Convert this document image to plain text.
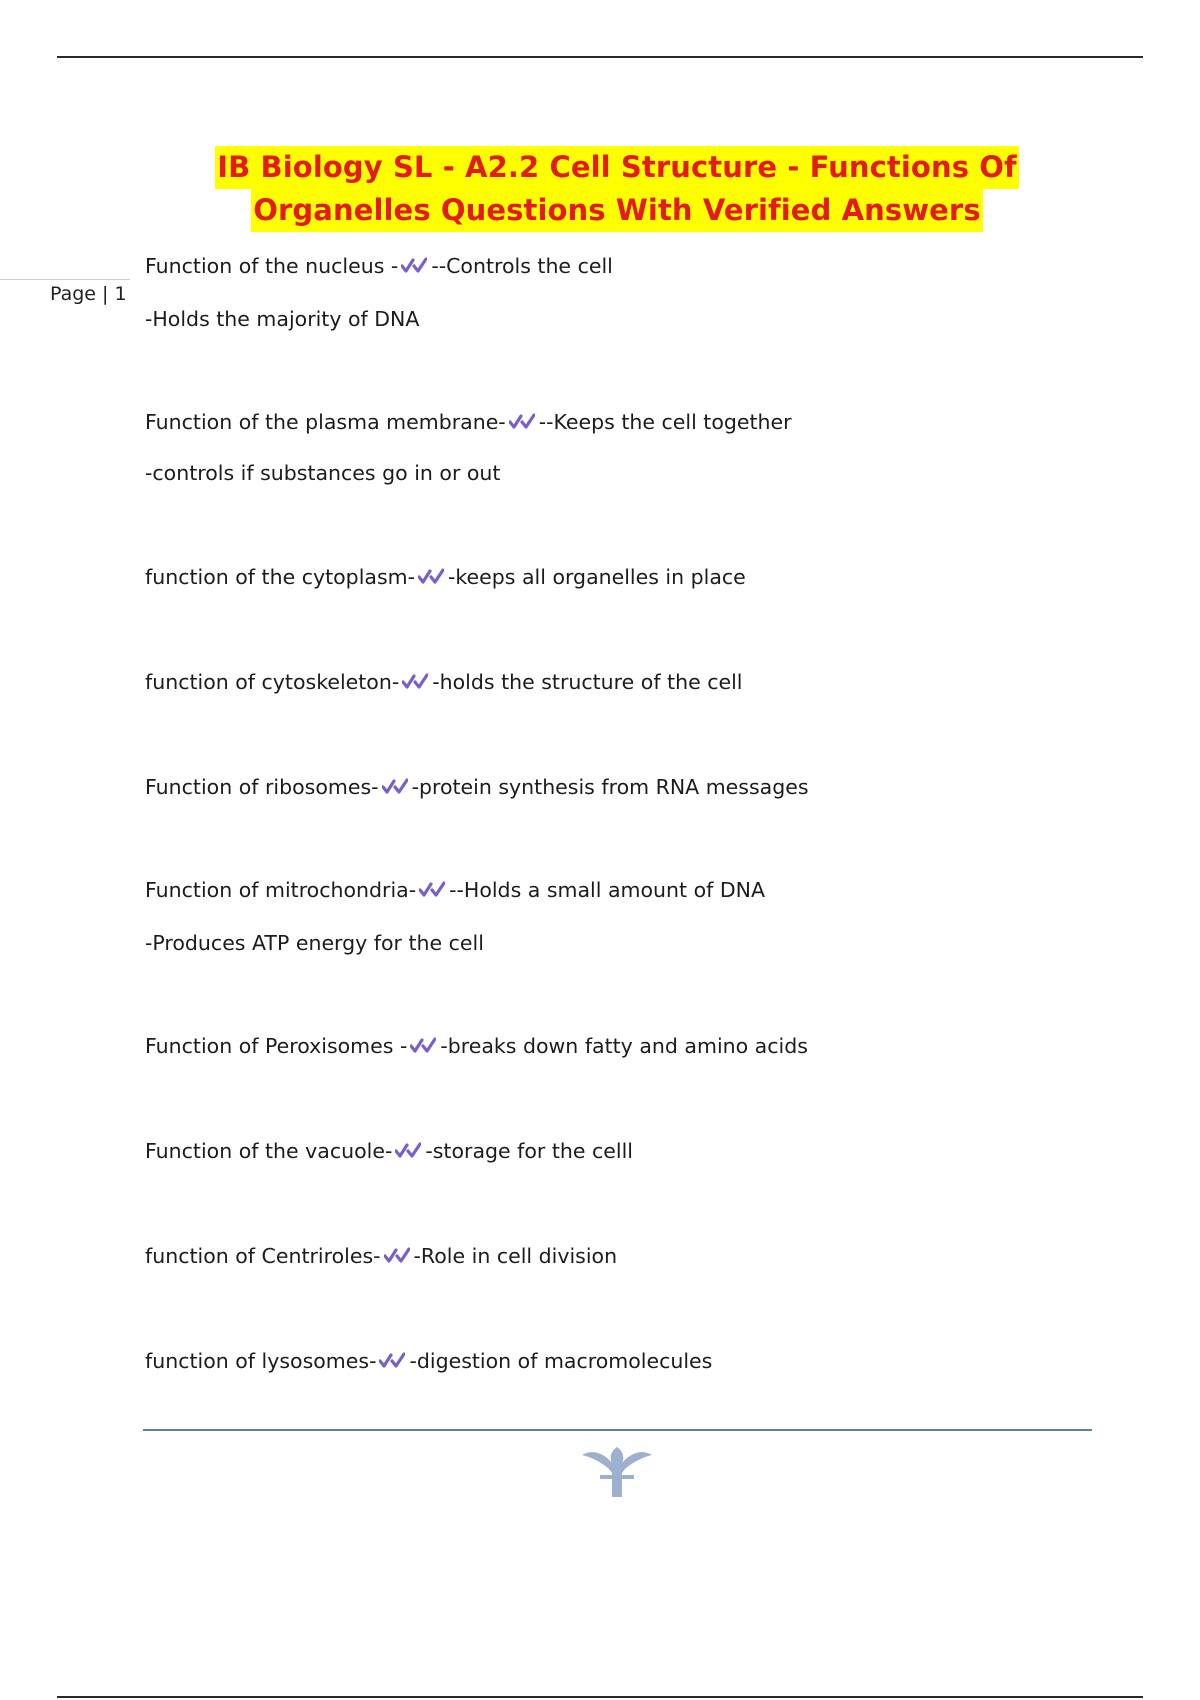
IB Biology SL - A2.2 Cell Structure - Functions Of
Organelles Questions With Verified Answers
Page | 1
Function of the nucleus - --Controls the cell
-Holds the majority of DNA
Function of the plasma membrane- --Keeps the cell together
-controls if substances go in or out
function of the cytoplasm- -keeps all organelles in place
function of cytoskeleton- -holds the structure of the cell
Function of ribosomes- -protein synthesis from RNA messages
Function of mitrochondria- --Holds a small amount of DNA
-Produces ATP energy for the cell
Function of Peroxisomes - -breaks down fatty and amino acids
Function of the vacuole- -storage for the celll
function of Centriroles- -Role in cell division
function of lysosomes- -digestion of macromolecules
